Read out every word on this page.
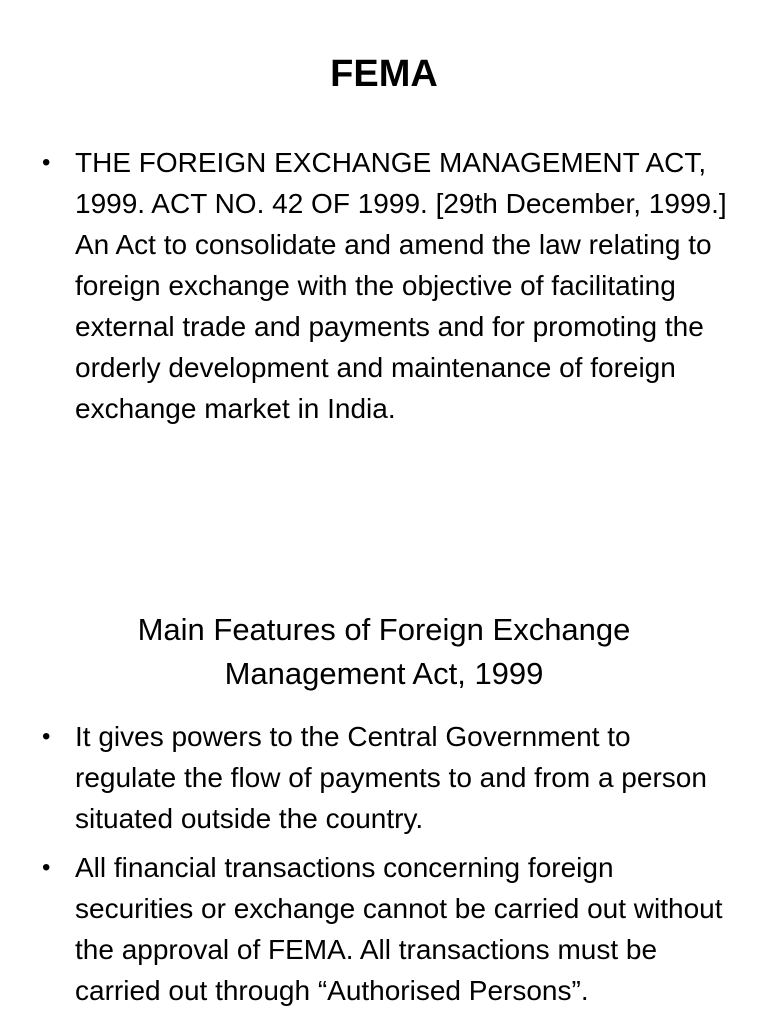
FEMA
• THE FOREIGN EXCHANGE MANAGEMENT ACT, 1999. ACT NO. 42 OF 1999. [29th December, 1999.] An Act to consolidate and amend the law relating to foreign exchange with the objective of facilitating external trade and payments and for promoting the orderly development and maintenance of foreign exchange market in India.
Main Features of Foreign Exchange
Management Act, 1999
• It gives powers to the Central Government to regulate the flow of payments to and from a person situated outside the country.
• All financial transactions concerning foreign securities or exchange cannot be carried out without the approval of FEMA. All transactions must be carried out through “Authorised Persons”.
